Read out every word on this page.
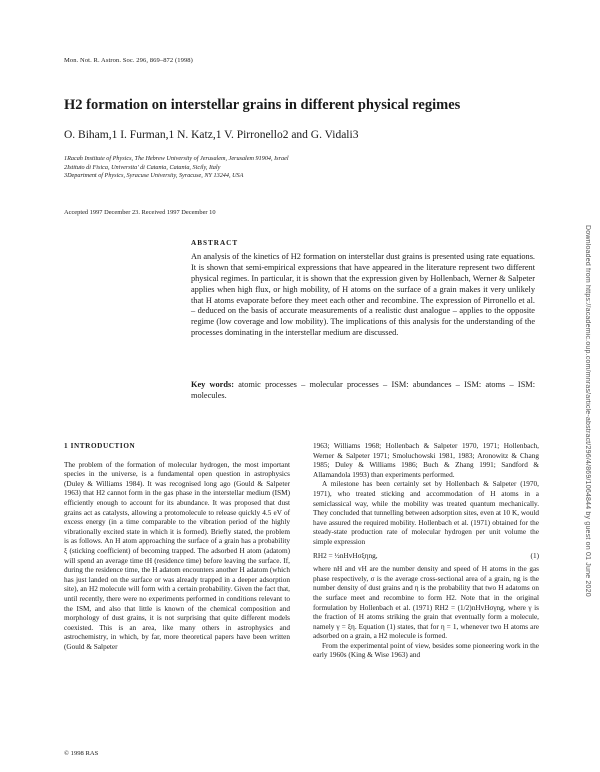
Mon. Not. R. Astron. Soc. 296, 869–872 (1998)
H2 formation on interstellar grains in different physical regimes
O. Biham,1 I. Furman,1 N. Katz,1 V. Pirronello2 and G. Vidali3
1Racah Institute of Physics, The Hebrew University of Jerusalem, Jerusalem 91904, Israel
2Istituto di Fisica, Universita' di Catania, Catania, Sicily, Italy
3Department of Physics, Syracuse University, Syracuse, NY 13244, USA
Accepted 1997 December 23. Received 1997 December 10
ABSTRACT
An analysis of the kinetics of H2 formation on interstellar dust grains is presented using rate equations. It is shown that semi-empirical expressions that have appeared in the literature represent two different physical regimes. In particular, it is shown that the expression given by Hollenbach, Werner & Salpeter applies when high flux, or high mobility, of H atoms on the surface of a grain makes it very unlikely that H atoms evaporate before they meet each other and recombine. The expression of Pirronello et al. – deduced on the basis of accurate measurements of a realistic dust analogue – applies to the opposite regime (low coverage and low mobility). The implications of this analysis for the understanding of the processes dominating in the interstellar medium are discussed.
Key words: atomic processes – molecular processes – ISM: abundances – ISM: atoms – ISM: molecules.

1 INTRODUCTION

The problem of the formation of molecular hydrogen, the most important species in the universe, is a fundamental open question in astrophysics (Duley & Williams 1984). It was recognised long ago (Gould & Salpeter 1963) that H2 cannot form in the gas phase in the interstellar medium (ISM) efficiently enough to account for its abundance. It was proposed that dust grains act as catalysts, allowing a protomolecule to release quickly 4.5 eV of excess energy (in a time comparable to the vibration period of the highly vibrationally excited state in which it is formed). Briefly stated, the problem is as follows. An H atom approaching the surface of a grain has a probability ξ (sticking coefficient) of becoming trapped. The adsorbed H atom (adatom) will spend an average time tH (residence time) before leaving the surface. If, during the residence time, the H adatom encounters another H adatom (which has just landed on the surface or was already trapped in a deeper adsorption site), an H2 molecule will form with a certain probability. Given the fact that, until recently, there were no experiments performed in conditions relevant to the ISM, and also that little is known of the chemical composition and morphology of dust grains, it is not surprising that quite different models coexisted. This is an area, like many others in astrophysics and astrochemistry, in which, by far, more theoretical papers have been written (Gould & Salpeter

1963; Williams 1968; Hollenbach & Salpeter 1970, 1971; Hollenbach, Werner & Salpeter 1971; Smoluchowski 1981, 1983; Aronowitz & Chang 1985; Duley & Williams 1986; Buch & Zhang 1991; Sandford & Allamandola 1993) than experiments performed.

A milestone has been certainly set by Hollenbach & Salpeter (1970, 1971), who treated sticking and accommodation of H atoms in a semiclassical way, while the mobility was treated quantum mechanically. They concluded that tunnelling between adsorption sites, even at 10 K, would have assured the required mobility. Hollenbach et al. (1971) obtained for the steady-state production rate of molecular hydrogen per unit volume the simple expression

RH2 = ½nHvHσξηng,	(1)

where nH and vH are the number density and speed of H atoms in the gas phase respectively, σ is the average cross-sectional area of a grain, ng is the number density of dust grains and η is the probability that two H adatoms on the surface meet and recombine to form H2. Note that in the original formulation by Hollenbach et al. (1971) RH2 = (1/2)nHvHσγng, where γ is the fraction of H atoms striking the grain that eventually form a molecule, namely γ = ξη. Equation (1) states, that for η = 1, whenever two H atoms are adsorbed on a grain, a H2 molecule is formed.

From the experimental point of view, besides some pioneering work in the early 1960s (King & Wise 1963) and

© 1998 RAS
Downloaded from https://academic.oup.com/mnras/article-abstract/296/4/869/1064844 by guest on 01 June 2020
